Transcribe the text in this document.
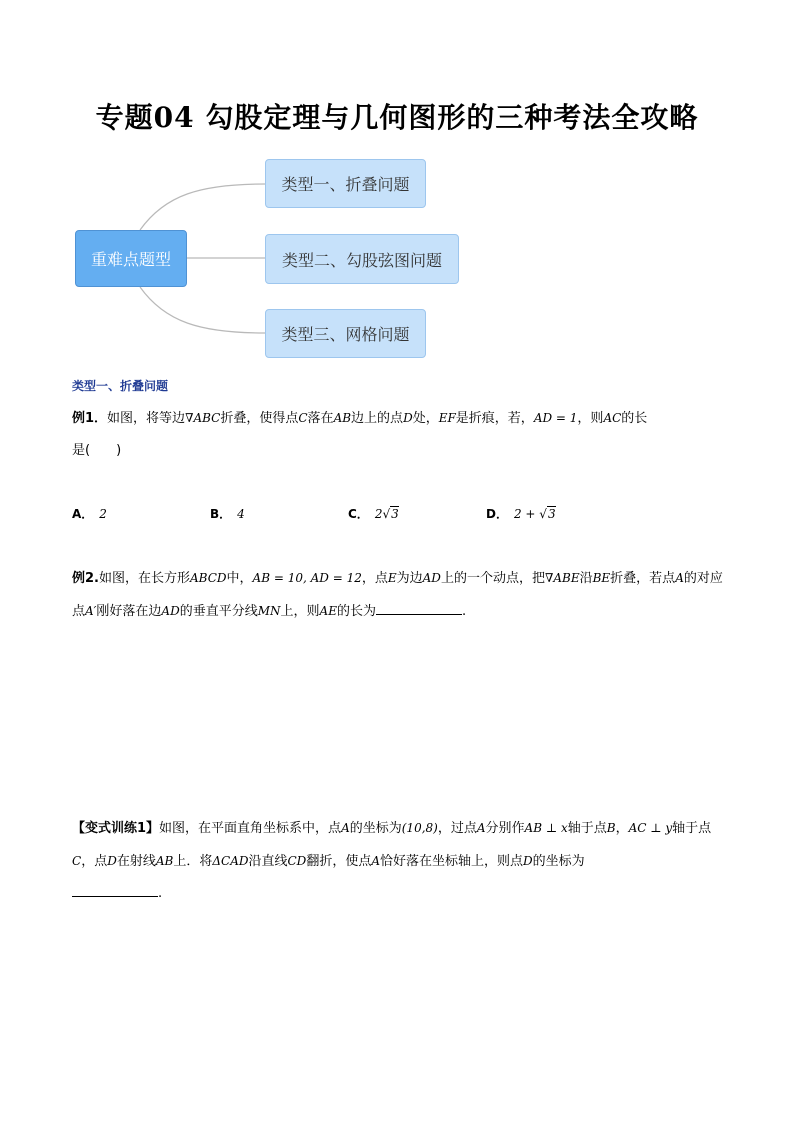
专题04 勾股定理与几何图形的三种考法全攻略
重难点题型
类型一、折叠问题
类型二、勾股弦图问题
类型三、网格问题
类型一、折叠问题
例1．如图，将等边∇ABC折叠，使得点C落在AB边上的点D处，EF是折痕，若，AD = 1，则AC的长
是(　　)
A． 2	B． 4	C． 2√3	D． 2 + √3
例2.如图，在长方形ABCD中，AB = 10, AD = 12，点E为边AD上的一个动点，把∇ABE沿BE折叠，若点A的对应点A′刚好落在边AD的垂直平分线MN上，则AE的长为	.
【变式训练1】如图，在平面直角坐标系中，点A的坐标为(10,8)，过点A分别作AB ⊥ x轴于点B，AC ⊥ y轴于点C，点D在射线AB上．将ΔCAD沿直线CD翻折，使点A恰好落在坐标轴上，则点D的坐标为
.
